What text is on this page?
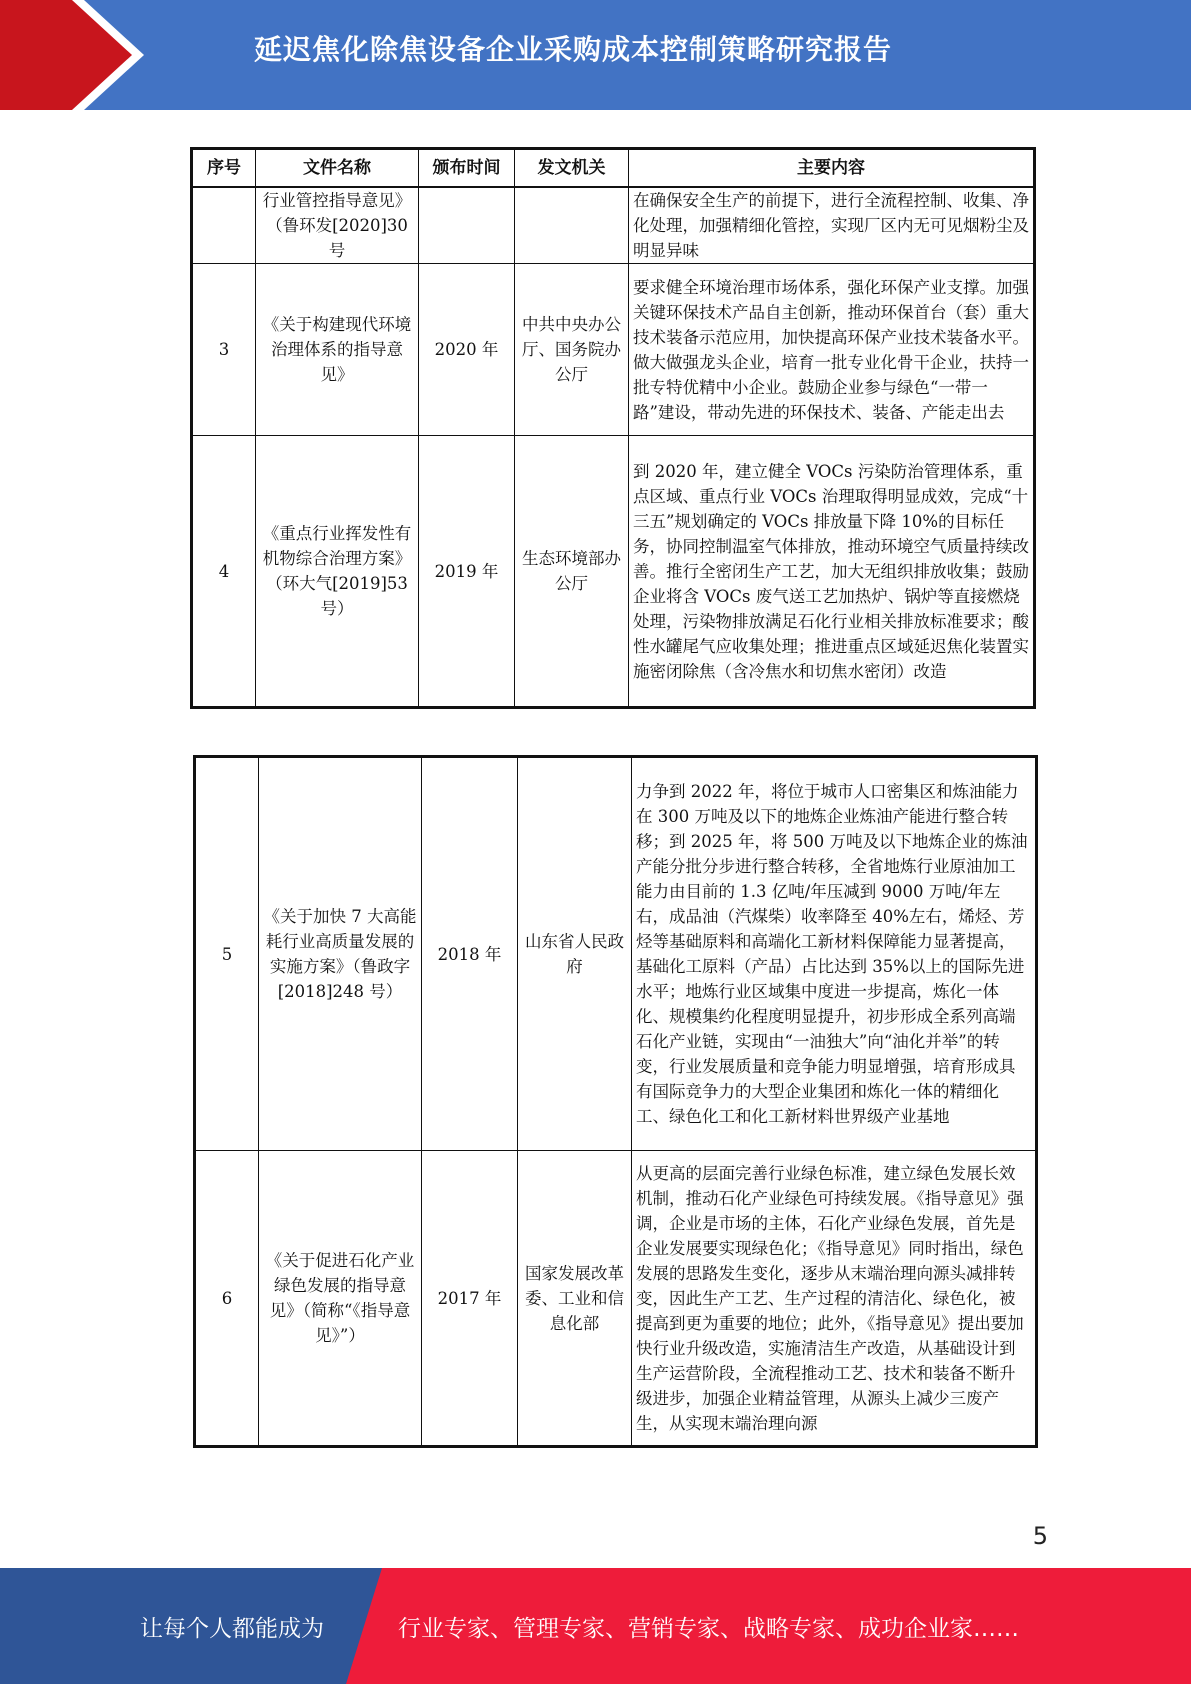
延迟焦化除焦设备企业采购成本控制策略研究报告
序号	文件名称	颁布时间	发文机关	主要内容
	行业管控指导意见》（鲁环发[2020]30 号			在确保安全生产的前提下，进行全流程控制、收集、净化处理，加强精细化管控，实现厂区内无可见烟粉尘及明显异味
3	《关于构建现代环境治理体系的指导意见》	2020 年	中共中央办公厅、国务院办公厅	要求健全环境治理市场体系，强化环保产业支撑。加强关键环保技术产品自主创新，推动环保首台（套）重大技术装备示范应用，加快提高环保产业技术装备水平。做大做强龙头企业，培育一批专业化骨干企业，扶持一批专特优精中小企业。鼓励企业参与绿色“一带一路”建设，带动先进的环保技术、装备、产能走出去
4	《重点行业挥发性有机物综合治理方案》（环大气[2019]53 号）	2019 年	生态环境部办公厅	到 2020 年，建立健全 VOCs 污染防治管理体系，重点区域、重点行业 VOCs 治理取得明显成效，完成“十三五”规划确定的 VOCs 排放量下降 10%的目标任务，协同控制温室气体排放，推动环境空气质量持续改善。推行全密闭生产工艺，加大无组织排放收集；鼓励企业将含 VOCs 废气送工艺加热炉、锅炉等直接燃烧处理，污染物排放满足石化行业相关排放标准要求；酸性水罐尾气应收集处理；推进重点区域延迟焦化装置实施密闭除焦（含冷焦水和切焦水密闭）改造
5	《关于加快 7 大高能耗行业高质量发展的实施方案》（鲁政字[2018]248 号）	2018 年	山东省人民政府	力争到 2022 年，将位于城市人口密集区和炼油能力在 300 万吨及以下的地炼企业炼油产能进行整合转移；到 2025 年，将 500 万吨及以下地炼企业的炼油产能分批分步进行整合转移，全省地炼行业原油加工能力由目前的 1.3 亿吨/年压减到 9000 万吨/年左右，成品油（汽煤柴）收率降至 40%左右，烯烃、芳烃等基础原料和高端化工新材料保障能力显著提高，基础化工原料（产品）占比达到 35%以上的国际先进水平；地炼行业区域集中度进一步提高，炼化一体化、规模集约化程度明显提升，初步形成全系列高端石化产业链，实现由“一油独大”向“油化并举”的转变，行业发展质量和竞争能力明显增强，培育形成具有国际竞争力的大型企业集团和炼化一体的精细化工、绿色化工和化工新材料世界级产业基地
6	《关于促进石化产业绿色发展的指导意见》（简称“《指导意见》”）	2017 年	国家发展改革委、工业和信息化部	从更高的层面完善行业绿色标准，建立绿色发展长效机制，推动石化产业绿色可持续发展。《指导意见》强调，企业是市场的主体，石化产业绿色发展，首先是企业发展要实现绿色化；《指导意见》同时指出，绿色发展的思路发生变化，逐步从末端治理向源头减排转变，因此生产工艺、生产过程的清洁化、绿色化，被提高到更为重要的地位；此外，《指导意见》提出要加快行业升级改造，实施清洁生产改造，从基础设计到生产运营阶段，全流程推动工艺、技术和装备不断升级进步，加强企业精益管理，从源头上减少三废产生，从实现末端治理向源
5
让每个人都能成为	行业专家、管理专家、营销专家、战略专家、成功企业家……
